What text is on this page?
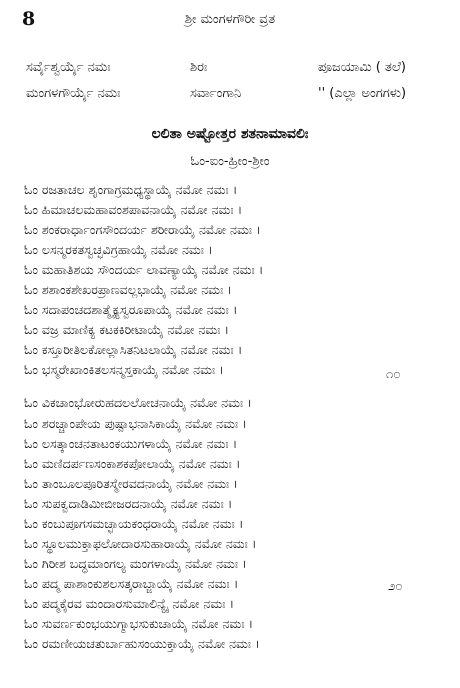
8	ಶ್ರೀ ಮಂಗಳಗೌರೀ ವ್ರತ
ಸರ್ವೈಶ್ವರ್ಯೈ ನಮಃ	ಶಿರಃ	ಪೂಜಯಾಮಿ ( ತಲೆ)
ಮಂಗಳಗೌರ್ಯೈ ನಮಃ	ಸರ್ವಾಂಗಾನಿ	'' (ಎಲ್ಲಾ ಅಂಗಗಳು)
ಲಲಿತಾ ಅಷ್ಟೋತ್ತರ ಶತನಾಮಾವಲಿಃ
ಓಂ-ಐಂ-ಹ್ರೀಂ-ಶ್ರೀಂ
ಓಂ ರಜತಾಚಲ ಶೃಂಗಾಗ್ರಮಧ್ಯಸ್ಥಾಯೈ ನಮೋ ನಮಃ ।
ಓಂ ಹಿಮಾಚಲಮಹಾವಂಶಪಾವನಾಯೈ ನಮೋ ನಮಃ ।
ಓಂ ಶಂಕರಾರ್ಧಾಂಗಸೌಂದರ್ಯ ಶರೀರಾಯೈ ನಮೋ ನಮಃ ।
ಓಂ ಲಸನ್ಮರಕತಸ್ವಚ್ಛವಿಗ್ರಹಾಯೈ ನಮೋ ನಮಃ ।
ಓಂ ಮಹಾತಿಶಯ ಸೌಂದರ್ಯ ಲಾವಣ್ಯಾಯೈ ನಮೋ ನಮಃ ।
ಓಂ ಶಶಾಂಕಶೇಖರಪ್ರಾಣವಲ್ಲಭಾಯೈ ನಮೋ ನಮಃ ।
ಓಂ ಸದಾಪಂಚದಶಾತ್ಮೈಕ್ಯಸ್ವರೂಪಾಯೈ ನಮೋ ನಮಃ ।
ಓಂ ವಜ್ರ ಮಾಣಿಕ್ಯ ಕಟಕಕಿರೀಟಾಯೈ ನಮೋ ನಮಃ ।
ಓಂ ಕಸ್ತೂರೀತಿಲಕೋಲ್ಲಾಸಿತನಿಟಲಾಯೈ ನಮೋ ನಮಃ ।
ಓಂ ಭಸ್ಮರೇಖಾಂಕಿತಲಸನ್ಮಸ್ತಕಾಯೈ ನಮೋ ನಮಃ ।
ಓಂ ವಿಕಚಾಂಭೋರುಹದಲಲೋಚನಾಯೈ ನಮೋ ನಮಃ ।
ಓಂ ಶರಚ್ಚಾಂಪೇಯ ಪುಷ್ಪಾಭನಾಸಿಕಾಯೈ ನಮೋ ನಮಃ ।
ಓಂ ಲಸತ್ಕಾಂಚನತಾಟಂಕಯುಗಳಾಯೈ ನಮೋ ನಮಃ ।
ಓಂ ಮಣಿದರ್ಪಣಸಂಕಾಶಕಪೋಲಾಯೈ ನಮೋ ನಮಃ ।
ಓಂ ತಾಂಬೂಲಪೂರಿತಸ್ಮೇರವದನಾಯೈ ನಮೋ ನಮಃ ।
ಓಂ ಸುಪಕ್ವದಾಡಿಮೀಬೀಜರದನಾಯೈ ನಮೋ ನಮಃ ।
ಓಂ ಕಂಬುಪೂಗಸಮಚ್ಛಾಯಕಂಧರಾಯೈ ನಮೋ ನಮಃ ।
ಓಂ ಸ್ಥೂಲಮುಕ್ತಾಫಲೋದಾರಸುಹಾರಾಯೈ ನಮೋ ನಮಃ ।
ಓಂ ಗಿರೀಶ ಬದ್ಧಮಾಂಗಲ್ಯ ಮಂಗಳಾಯೈ ನಮೋ ನಮಃ ।
ಓಂ ಪದ್ಮ ಪಾಶಾಂಕುಶಲಸತ್ಕರಾಬ್ಜಾಯೈ ನಮೋ ನಮಃ ।
ಓಂ ಪದ್ಮಕೈರವ ಮಂದಾರಸುಮಾಲಿನ್ಯೈ ನಮೋ ನಮಃ ।
ಓಂ ಸುವರ್ಣಕುಂಭಯುಗ್ಮಾಭಸುಕುಚಾಯೈ ನಮೋ ನಮಃ ।
ಓಂ ರಮಣೀಯಚತುರ್ಬಾಹುಸಂಯುಕ್ತಾಯೈ ನಮೋ ನಮಃ ।
೧೦
೨೦
